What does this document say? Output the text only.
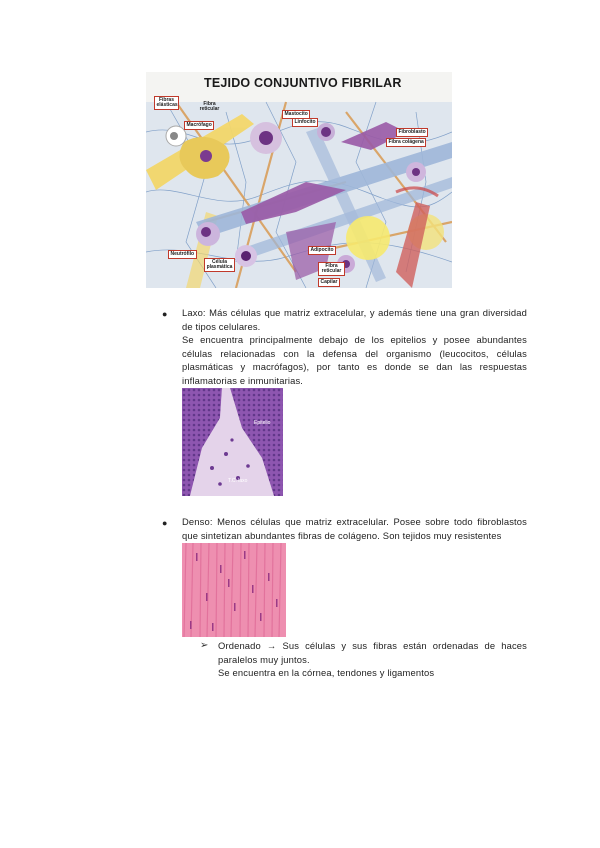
TEJIDO CONJUNTIVO FIBRILAR
Fibras elásticas	Fibra reticular
Macrófago
Mastocito
Linfocito
Fibroblasto
Fibra colágena
Neutrófilo
Célula plasmática
Adipocito
Fibra reticular
Capilar
● Laxo: Más células que matriz extracelular, y además tiene una gran diversidad de tipos celulares.
Se encuentra principalmente debajo de los epitelios y posee abundantes células relacionadas con la defensa del organismo (leucocitos, células plasmáticas y macrófagos), por tanto es donde se dan las respuestas inflamatorias e inmunitarias.
Epitelio
T.C. laxo
● Denso: Menos células que matriz extracelular. Posee sobre todo fibroblastos que sintetizan abundantes fibras de colágeno. Son tejidos muy resistentes
➢ Ordenado → Sus células y sus fibras están ordenadas de haces paralelos muy juntos.
Se encuentra en la córnea, tendones y ligamentos
